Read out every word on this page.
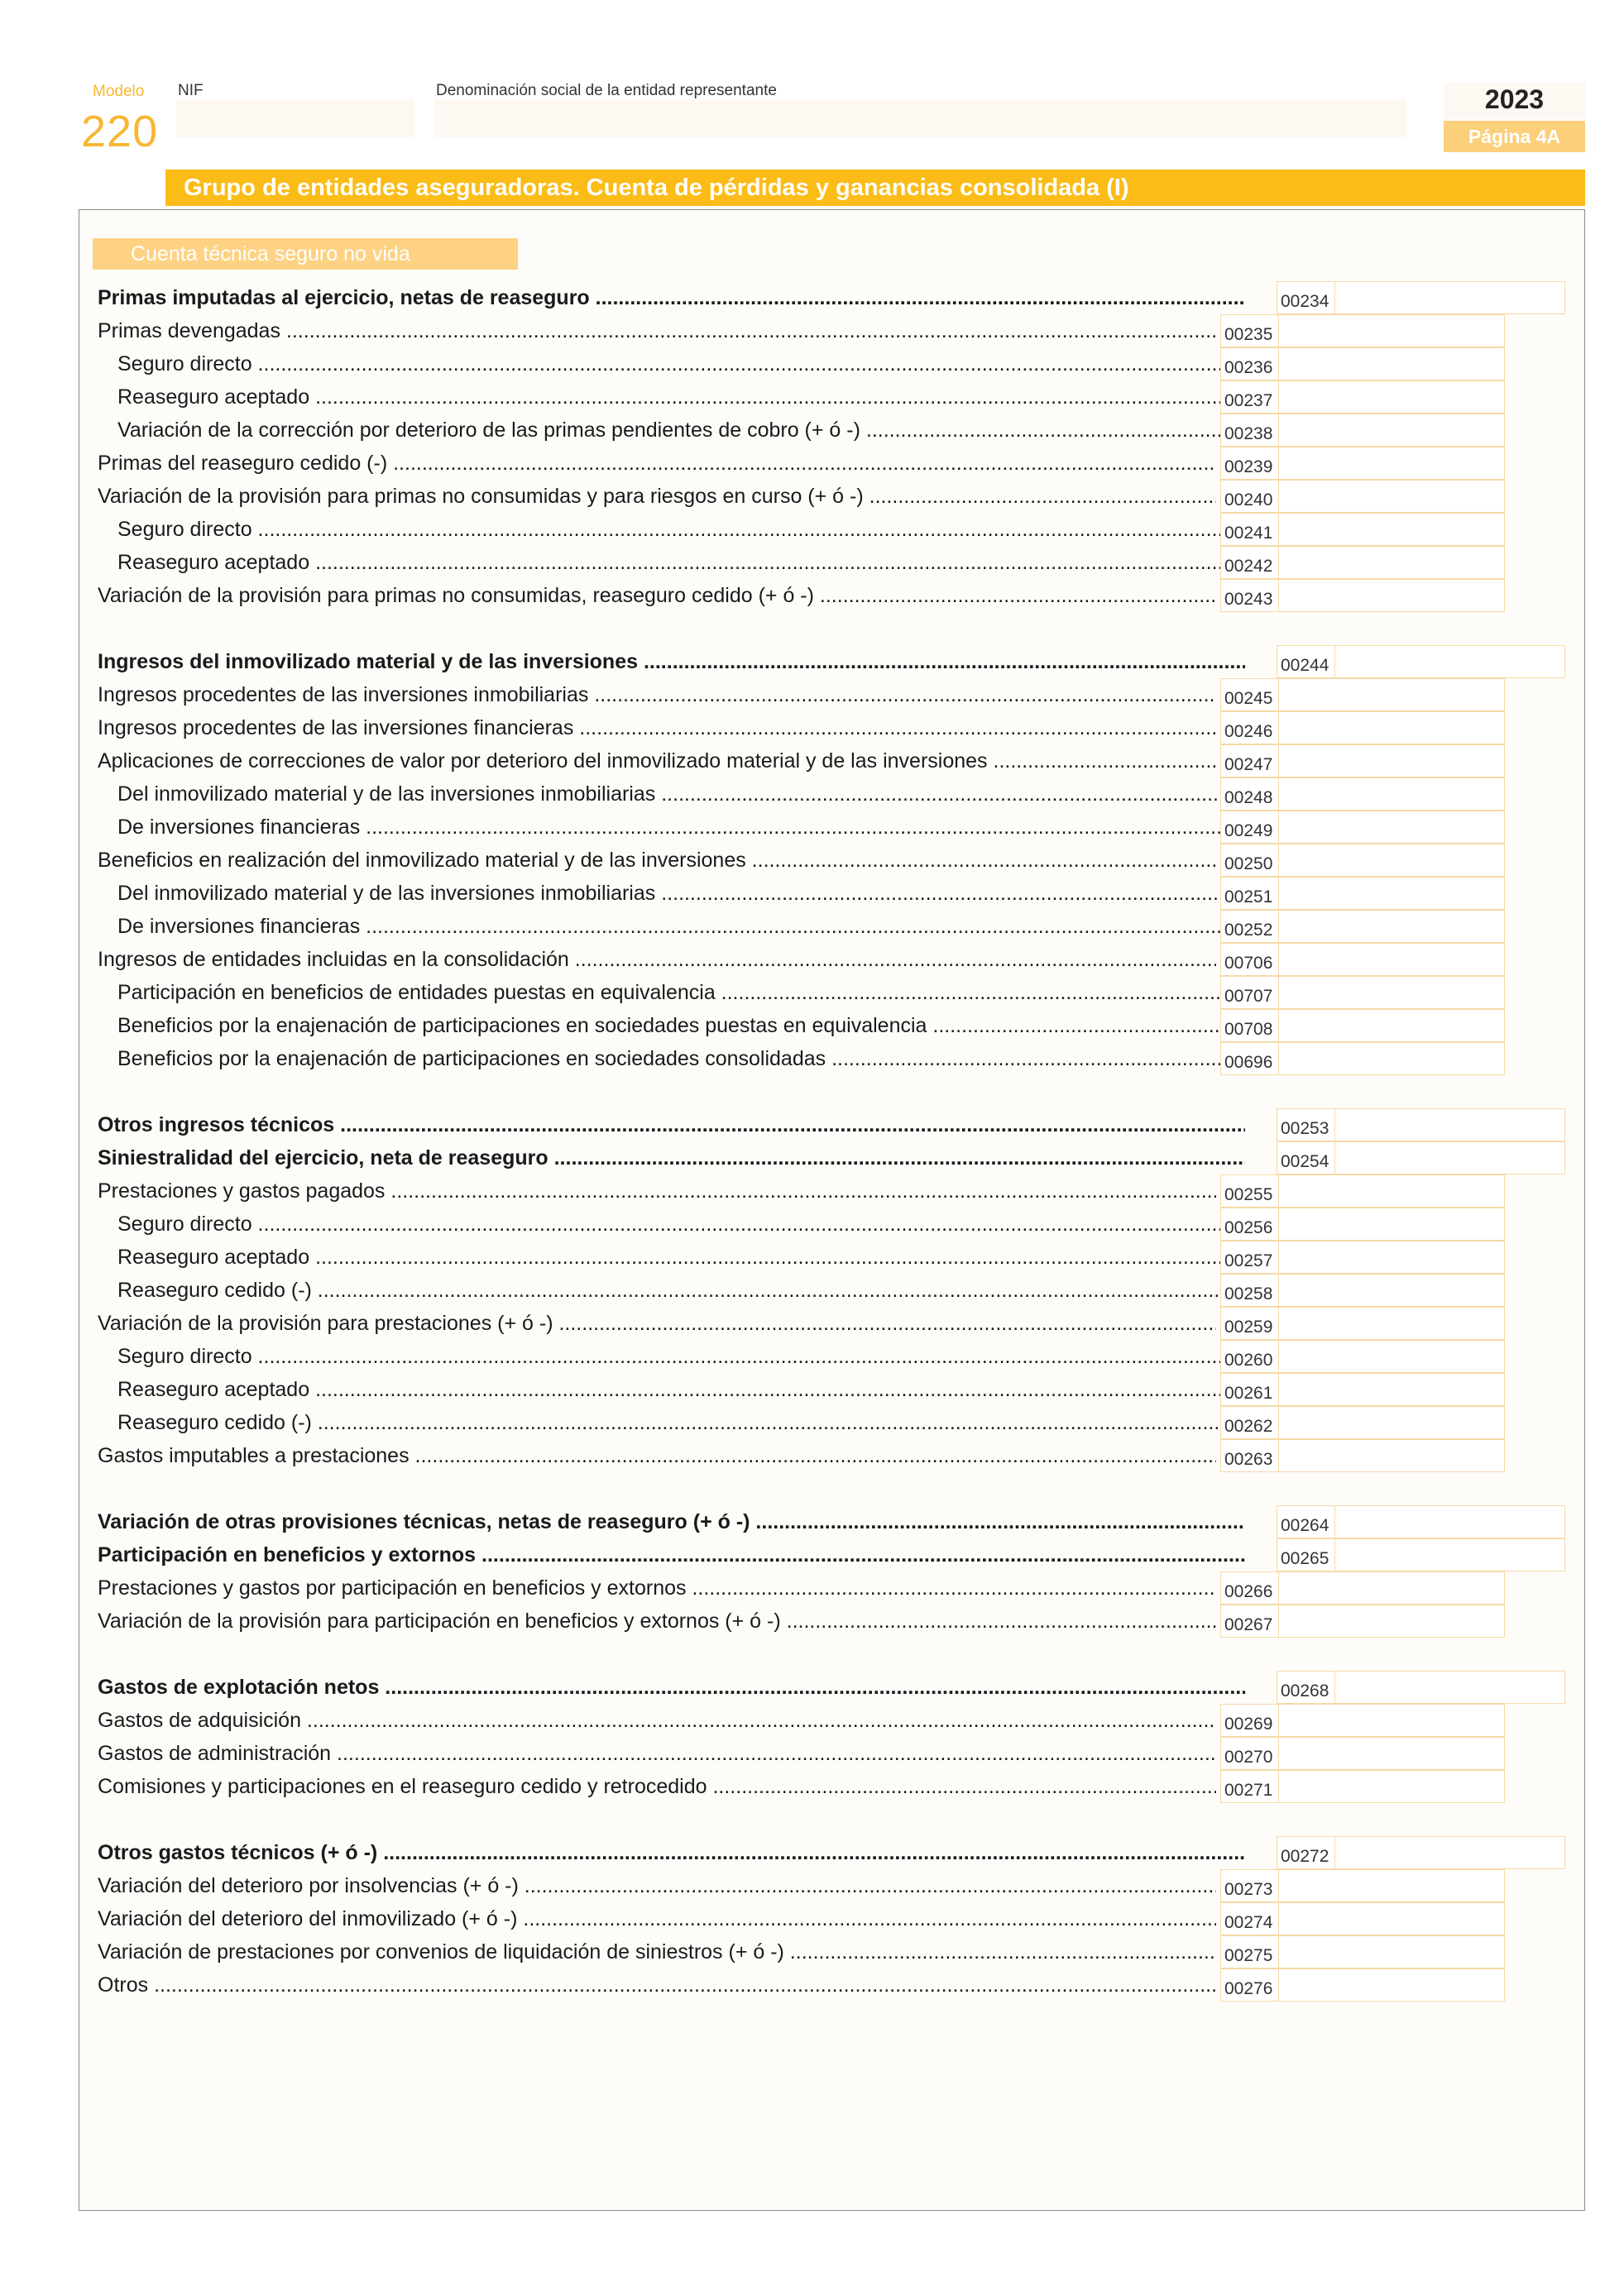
Modelo
220
NIF	Denominación social de la entidad representante	2023
Página 4A
Grupo de entidades aseguradoras. Cuenta de pérdidas y ganancias consolidada (I)
Cuenta técnica seguro no vida
Primas imputadas al ejercicio, netas de reaseguro .....	00234
Primas devengadas .....	00235
Seguro directo .....	00236
Reaseguro aceptado .....	00237
Variación de la corrección por deterioro de las primas pendientes de cobro (+ ó -) .....	00238
Primas del reaseguro cedido (-) .....	00239
Variación de la provisión para primas no consumidas y para riesgos en curso (+ ó -) .....	00240
Seguro directo .....	00241
Reaseguro aceptado .....	00242
Variación de la provisión para primas no consumidas, reaseguro cedido (+ ó -) .....	00243
Ingresos del inmovilizado material y de las inversiones .....	00244
Ingresos procedentes de las inversiones inmobiliarias .....	00245
Ingresos procedentes de las inversiones financieras .....	00246
Aplicaciones de correcciones de valor por deterioro del inmovilizado material y de las inversiones .....	00247
Del inmovilizado material y de las inversiones inmobiliarias .....	00248
De inversiones financieras .....	00249
Beneficios en realización del inmovilizado material y de las inversiones .....	00250
Del inmovilizado material y de las inversiones inmobiliarias .....	00251
De inversiones financieras .....	00252
Ingresos de entidades incluidas en la consolidación .....	00706
Participación en beneficios de entidades puestas en equivalencia .....	00707
Beneficios por la enajenación de participaciones en sociedades puestas en equivalencia .....	00708
Beneficios por la enajenación de participaciones en sociedades consolidadas .....	00696
Otros ingresos técnicos .....	00253
Siniestralidad del ejercicio, neta de reaseguro .....	00254
Prestaciones y gastos pagados .....	00255
Seguro directo .....	00256
Reaseguro aceptado .....	00257
Reaseguro cedido (-) .....	00258
Variación de la provisión para prestaciones (+ ó -) .....	00259
Seguro directo .....	00260
Reaseguro aceptado .....	00261
Reaseguro cedido (-) .....	00262
Gastos imputables a prestaciones .....	00263
Variación de otras provisiones técnicas, netas de reaseguro (+ ó -) .....	00264
Participación en beneficios y extornos .....	00265
Prestaciones y gastos por participación en beneficios y extornos .....	00266
Variación de la provisión para participación en beneficios y extornos (+ ó -) .....	00267
Gastos de explotación netos .....	00268
Gastos de adquisición .....	00269
Gastos de administración .....	00270
Comisiones y participaciones en el reaseguro cedido y retrocedido .....	00271
Otros gastos técnicos (+ ó -) .....	00272
Variación del deterioro por insolvencias (+ ó -) .....	00273
Variación del deterioro del inmovilizado (+ ó -) .....	00274
Variación de prestaciones por convenios de liquidación de siniestros (+ ó -) .....	00275
Otros .....	00276
